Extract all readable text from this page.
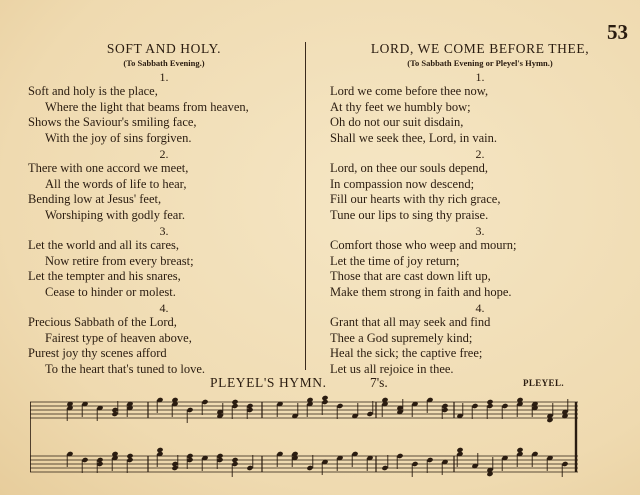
53
SOFT AND HOLY.
(To Sabbath Evening.)
1.
Soft and holy is the place,
Where the light that beams from heaven,
Shows the Saviour's smiling face,
With the joy of sins forgiven.
2.
There with one accord we meet,
All the words of life to hear,
Bending low at Jesus' feet,
Worshiping with godly fear.
3.
Let the world and all its cares,
Now retire from every breast;
Let the tempter and his snares,
Cease to hinder or molest.
4.
Precious Sabbath of the Lord,
Fairest type of heaven above,
Purest joy thy scenes afford
To the heart that's tuned to love.
LORD, WE COME BEFORE THEE,
(To Sabbath Evening or Pleyel's Hymn.)
1.
Lord we come before thee now,
At thy feet we humbly bow;
Oh do not our suit disdain,
Shall we seek thee, Lord, in vain.
2.
Lord, on thee our souls depend,
In compassion now descend;
Fill our hearts with thy rich grace,
Tune our lips to sing thy praise.
3.
Comfort those who weep and mourn;
Let the time of joy return;
Those that are cast down lift up,
Make them strong in faith and hope.
4.
Grant that all may seek and find
Thee a God supremely kind;
Heal the sick; the captive free;
Let us all rejoice in thee.
PLEYEL'S HYMN.	7's.	PLEYEL.
